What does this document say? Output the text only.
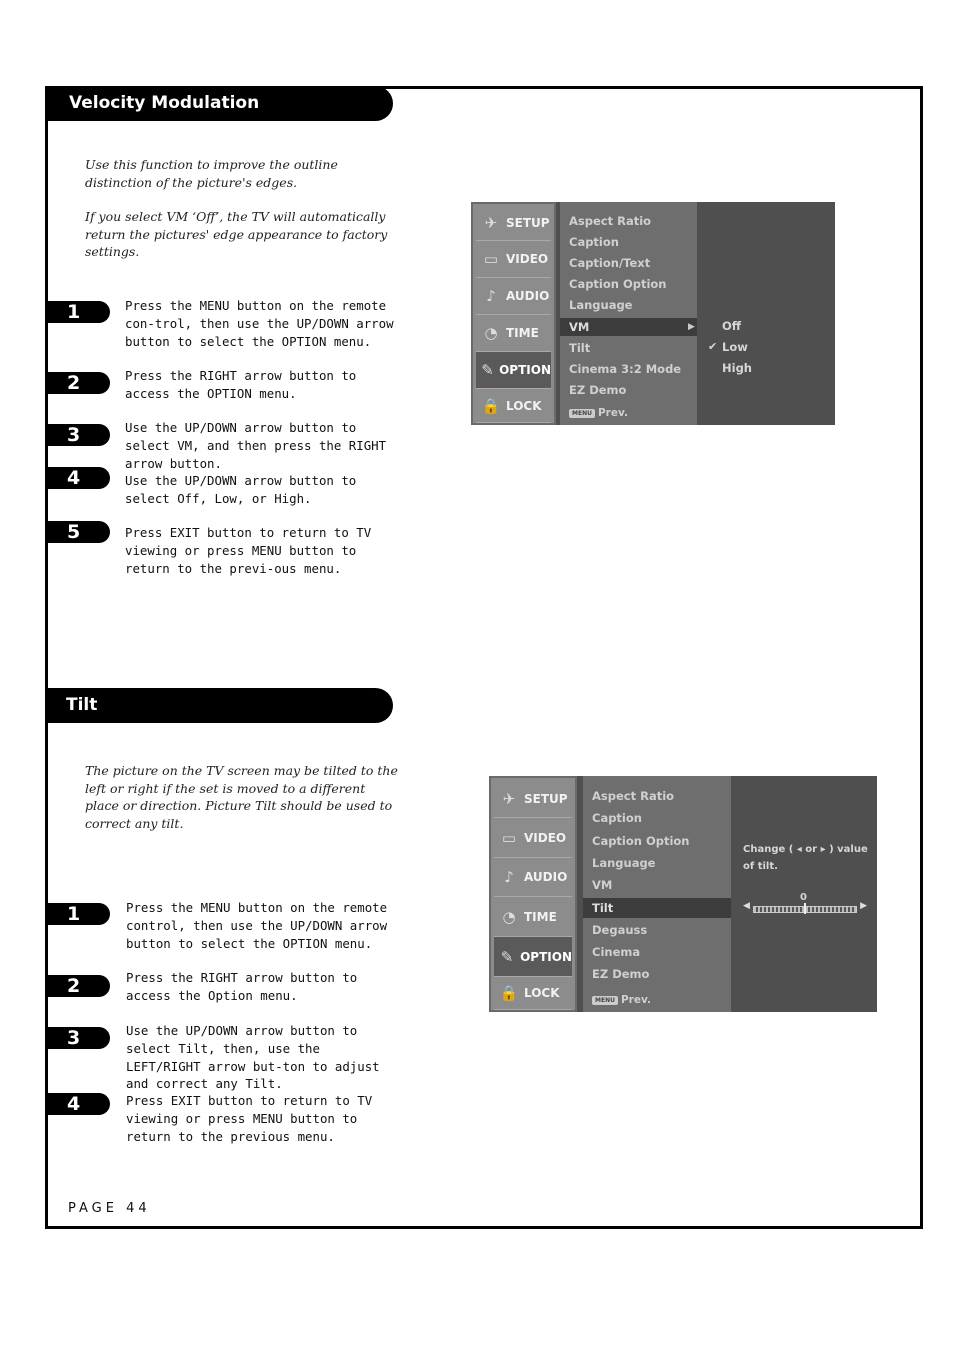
Velocity Modulation

Use this function to improve the outline distinction of the picture's edges.

If you select VM ‘Off’, the TV will automatically return the pictures' edge appearance to factory settings.

1	Press the MENU button on the remote con-trol, then use the UP/DOWN arrow button to select the OPTION menu.

2	Press the RIGHT arrow button to access the OPTION menu.

3	Use the UP/DOWN arrow button to select VM, and then press the RIGHT arrow button.

4	Use the UP/DOWN arrow button to select Off, Low, or High.

5	Press EXIT button to return to TV viewing or press MENU button to return to the previ-ous menu.

✈ SETUP
▭ VIDEO
♪ AUDIO
◔ TIME
✎ OPTION
🔒 LOCK
Aspect Ratio
Caption
Caption/Text
Caption Option
Language
VM	▶
Tilt
Cinema 3:2 Mode
EZ Demo
MENU Prev.
Off
✔ Low
High
Tilt

The picture on the TV screen may be tilted to the left or right if the set is moved to a different place or direction. Picture Tilt should be used to correct any tilt.

1	Press the MENU button on the remote control, then use the UP/DOWN arrow button to select the OPTION menu.

2	Press the RIGHT arrow button to access the Option menu.

3	Use the UP/DOWN arrow button to select Tilt, then, use the LEFT/RIGHT arrow but-ton to adjust and correct any Tilt.

4	Press EXIT button to return to TV viewing or press MENU button to return to the previous menu.

✈ SETUP
▭ VIDEO
♪ AUDIO
◔ TIME
✎ OPTION
🔒 LOCK
Aspect Ratio
Caption
Caption Option
Language
VM
Tilt
Degauss
Cinema
EZ Demo
MENU Prev.
Change ( ◂ or ▸ ) value of tilt.
0
◀	▶
PAGE 44
